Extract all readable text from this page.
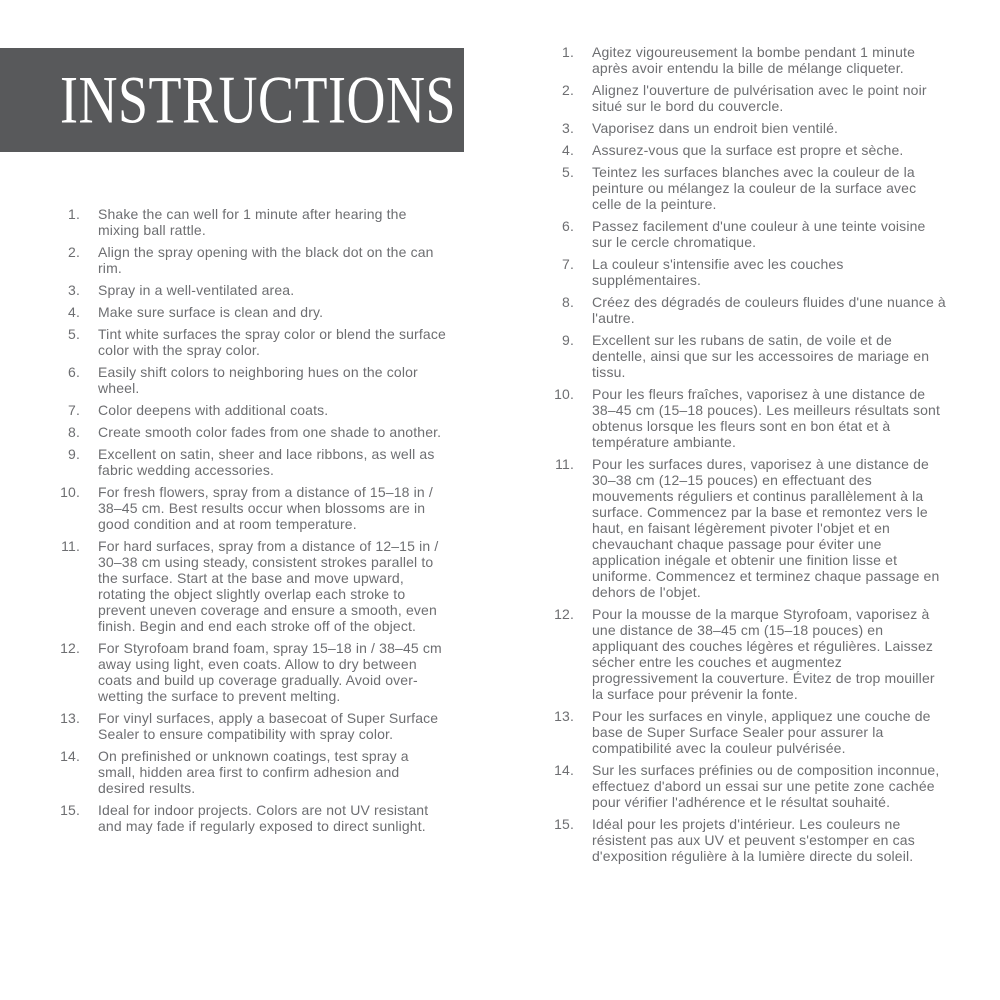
INSTRUCTIONS
1. Shake the can well for 1 minute after hearing the mixing ball rattle.
2. Align the spray opening with the black dot on the can rim.
3. Spray in a well-ventilated area.
4. Make sure surface is clean and dry.
5. Tint white surfaces the spray color or blend the surface color with the spray color.
6. Easily shift colors to neighboring hues on the color wheel.
7. Color deepens with additional coats.
8. Create smooth color fades from one shade to another.
9. Excellent on satin, sheer and lace ribbons, as well as fabric wedding accessories.
10. For fresh flowers, spray from a distance of 15–18 in / 38–45 cm. Best results occur when blossoms are in good condition and at room temperature.
11. For hard surfaces, spray from a distance of 12–15 in / 30–38 cm using steady, consistent strokes parallel to the surface. Start at the base and move upward, rotating the object slightly overlap each stroke to prevent uneven coverage and ensure a smooth, even finish. Begin and end each stroke off of the object.
12. For Styrofoam brand foam, spray 15–18 in / 38–45 cm away using light, even coats. Allow to dry between coats and build up coverage gradually. Avoid over-wetting the surface to prevent melting.
13. For vinyl surfaces, apply a basecoat of Super Surface Sealer to ensure compatibility with spray color.
14. On prefinished or unknown coatings, test spray a small, hidden area first to confirm adhesion and desired results.
15. Ideal for indoor projects. Colors are not UV resistant and may fade if regularly exposed to direct sunlight.
1. Agitez vigoureusement la bombe pendant 1 minute après avoir entendu la bille de mélange cliqueter.
2. Alignez l'ouverture de pulvérisation avec le point noir situé sur le bord du couvercle.
3. Vaporisez dans un endroit bien ventilé.
4. Assurez-vous que la surface est propre et sèche.
5. Teintez les surfaces blanches avec la couleur de la peinture ou mélangez la couleur de la surface avec celle de la peinture.
6. Passez facilement d'une couleur à une teinte voisine sur le cercle chromatique.
7. La couleur s'intensifie avec les couches supplémentaires.
8. Créez des dégradés de couleurs fluides d'une nuance à l'autre.
9. Excellent sur les rubans de satin, de voile et de dentelle, ainsi que sur les accessoires de mariage en tissu.
10. Pour les fleurs fraîches, vaporisez à une distance de 38–45 cm (15–18 pouces). Les meilleurs résultats sont obtenus lorsque les fleurs sont en bon état et à température ambiante.
11. Pour les surfaces dures, vaporisez à une distance de 30–38 cm (12–15 pouces) en effectuant des mouvements réguliers et continus parallèlement à la surface. Commencez par la base et remontez vers le haut, en faisant légèrement pivoter l'objet et en chevauchant chaque passage pour éviter une application inégale et obtenir une finition lisse et uniforme. Commencez et terminez chaque passage en dehors de l'objet.
12. Pour la mousse de la marque Styrofoam, vaporisez à une distance de 38–45 cm (15–18 pouces) en appliquant des couches légères et régulières. Laissez sécher entre les couches et augmentez progressivement la couverture. Évitez de trop mouiller la surface pour prévenir la fonte.
13. Pour les surfaces en vinyle, appliquez une couche de base de Super Surface Sealer pour assurer la compatibilité avec la couleur pulvérisée.
14. Sur les surfaces préfinies ou de composition inconnue, effectuez d'abord un essai sur une petite zone cachée pour vérifier l'adhérence et le résultat souhaité.
15. Idéal pour les projets d'intérieur. Les couleurs ne résistent pas aux UV et peuvent s'estomper en cas d'exposition régulière à la lumière directe du soleil.
